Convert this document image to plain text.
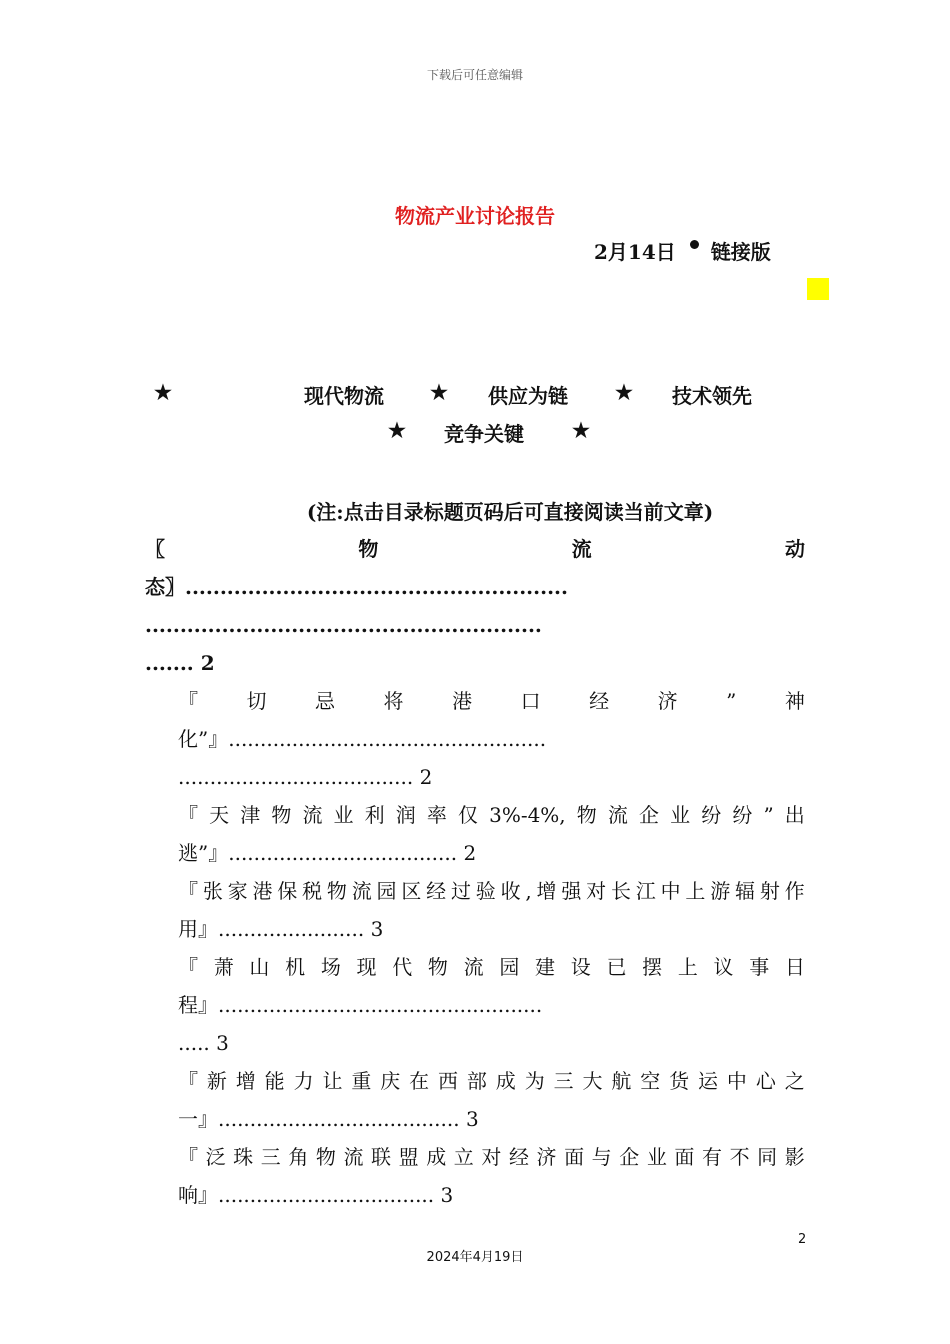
下载后可任意编辑
物流产业讨论报告
2月14日 链接版
★	现代物流 ★ 供应为链 ★ 技术领先
★ 竞争关键 ★
(注:点击目录标题页码后可直接阅读当前文章)
〖	物	流	动
态〗.......................................................
.........................................................
....... 2
『 切 忌 将 港 口 经 济 ” 神
化”』..................................................
..................................... 2
『 天 津 物 流 业 利 润 率 仅 3%-4%, 物 流 企 业 纷 纷 ” 出
逃”』.................................... 2
『 张 家 港 保 税 物 流 园 区 经 过 验 收 , 增 强 对 长 江 中 上 游 辐 射 作
用』....................... 3
『 萧 山 机 场 现 代 物 流 园 建 设 已 摆 上 议 事 日
程』...................................................
..... 3
『 新 增 能 力 让 重 庆 在 西 部 成 为 三 大 航 空 货 运 中 心 之
一』...................................... 3
『 泛 珠 三 角 物 流 联 盟 成 立 对 经 济 面 与 企 业 面 有 不 同 影
响』.................................. 3
2
2024年4月19日
